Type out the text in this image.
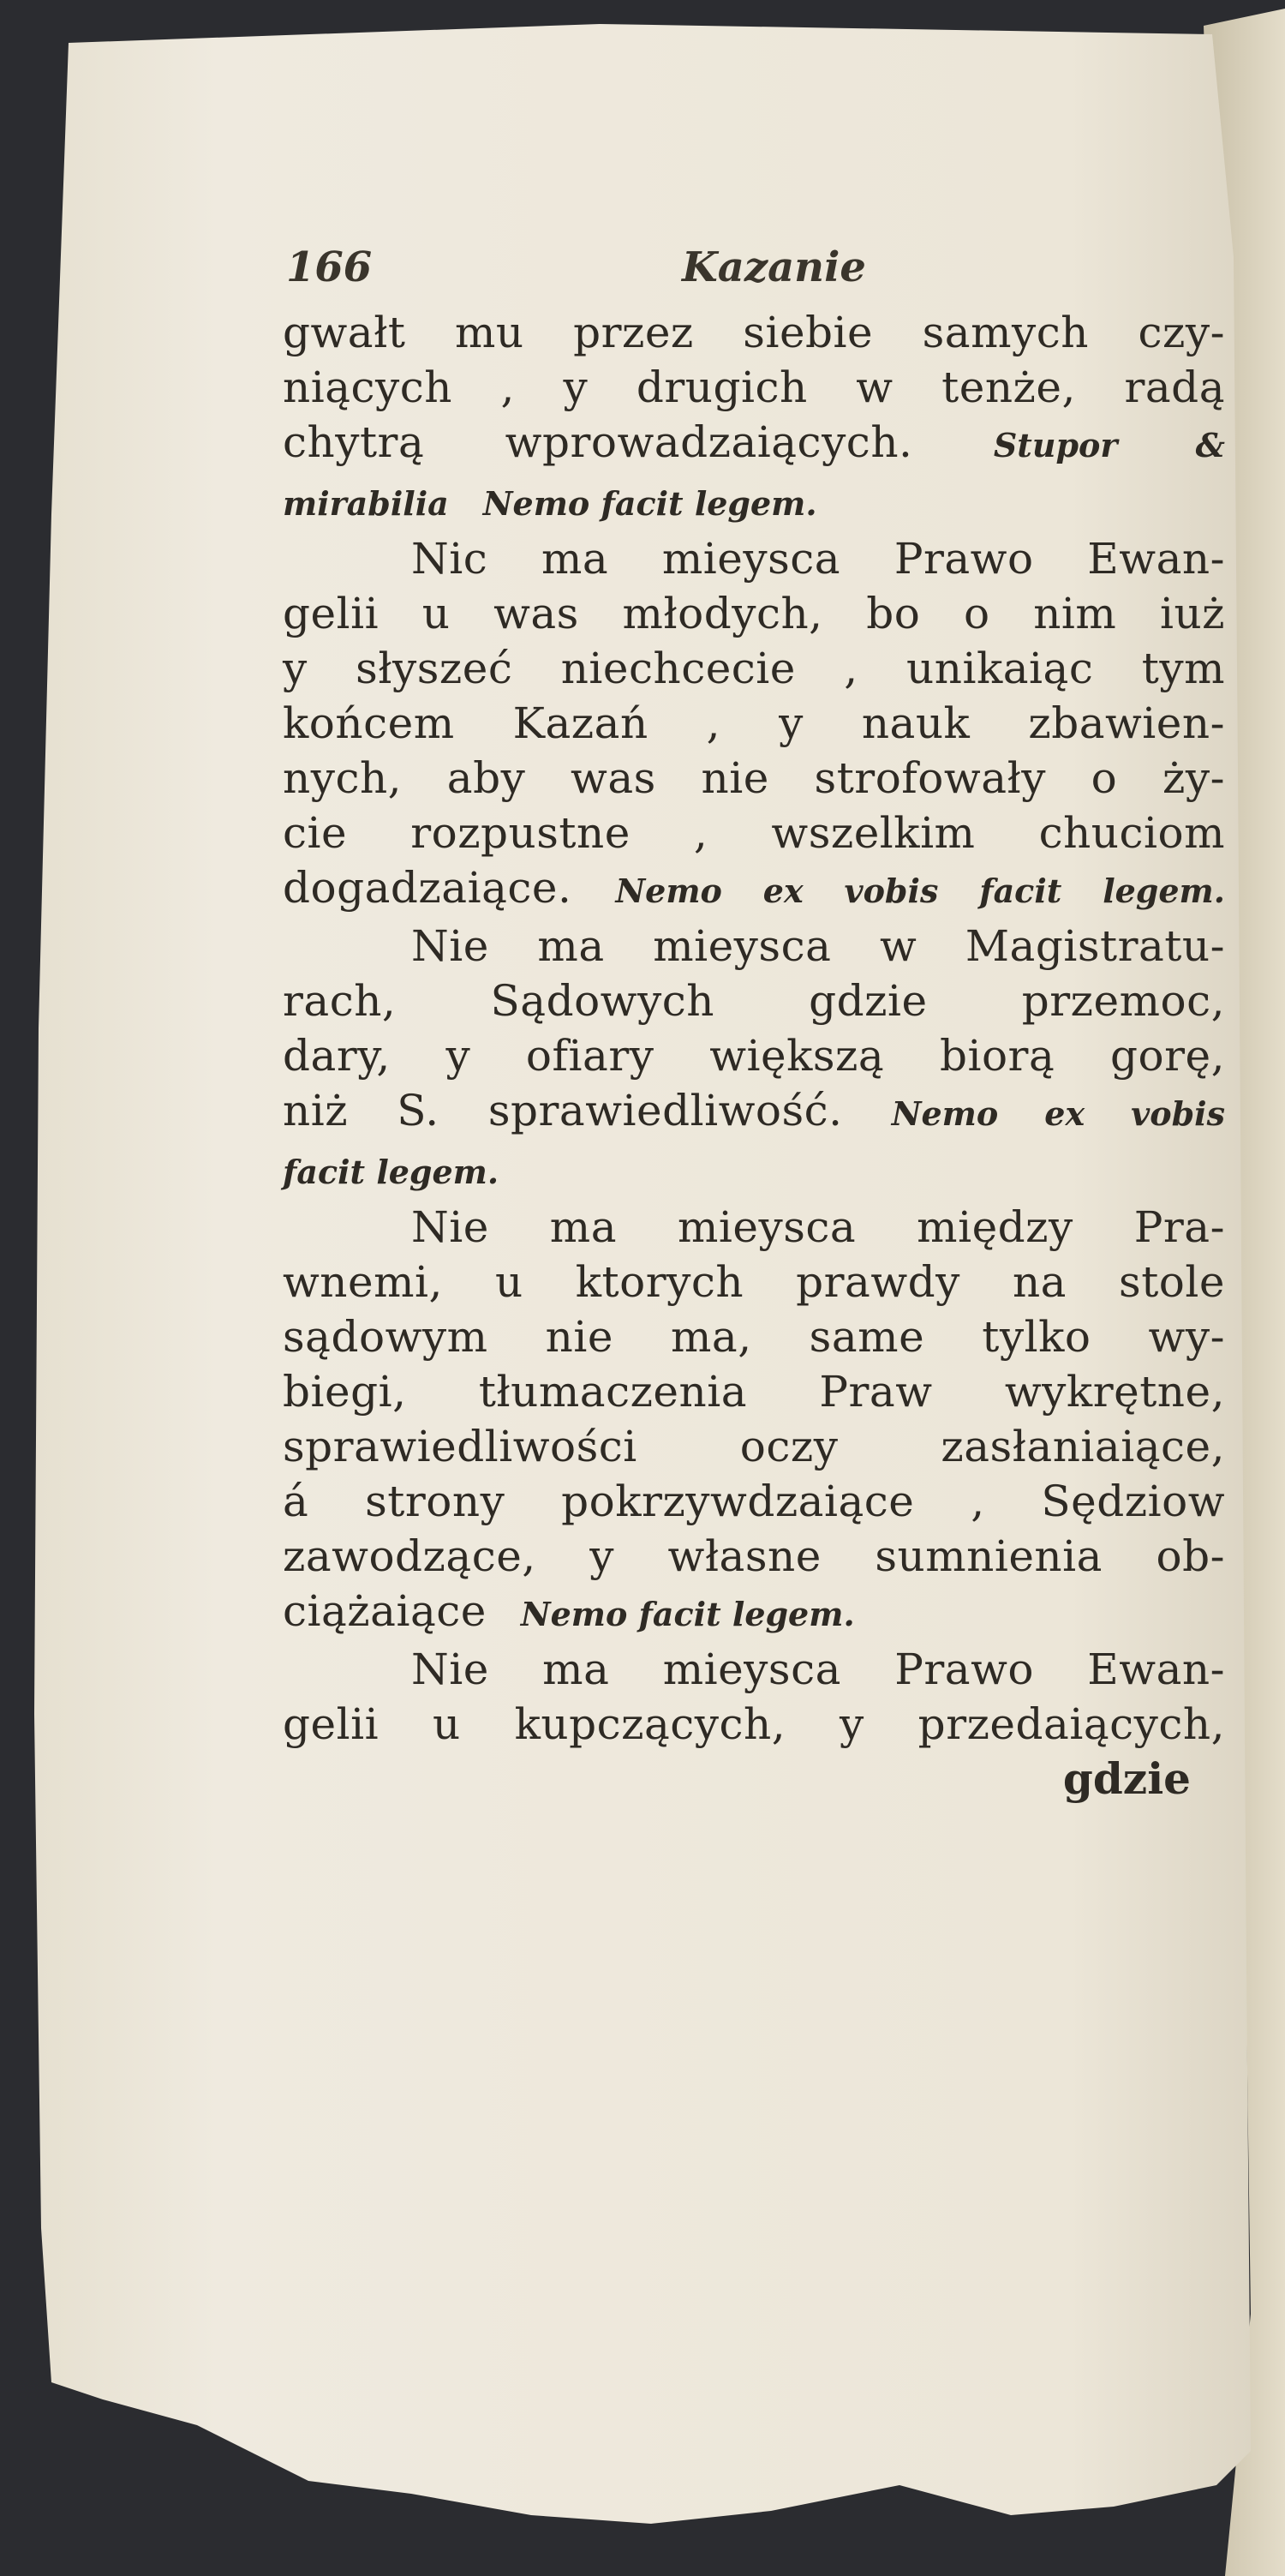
166	Kazanie
gwałt mu przez siebie samych czy-
niących , y drugich w tenże, radą
chytrą wprowadzaiących. Stupor &
mirabilia Nemo facit legem.
Nic ma mieysca Prawo Ewan-
gelii u was młodych, bo o nim iuż
y słyszeć niechcecie , unikaiąc tym
końcem Kazań , y nauk zbawien-
nych, aby was nie strofowały o ży-
cie rozpustne , wszelkim chuciom
dogadzaiące. Nemo ex vobis facit legem.
Nie ma mieysca w Magistratu-
rach, Sądowych gdzie przemoc,
dary, y ofiary większą biorą gorę,
niż S. sprawiedliwość. Nemo ex vobis
facit legem.
Nie ma mieysca między Pra-
wnemi, u ktorych prawdy na stole
sądowym nie ma, same tylko wy-
biegi, tłumaczenia Praw wykrętne,
sprawiedliwości oczy zasłaniaiące,
á strony pokrzywdzaiące , Sędziow
zawodzące, y własne sumnienia ob-
ciążaiące Nemo facit legem.
Nie ma mieysca Prawo Ewan-
gelii u kupczących, y przedaiących,
gdzie
